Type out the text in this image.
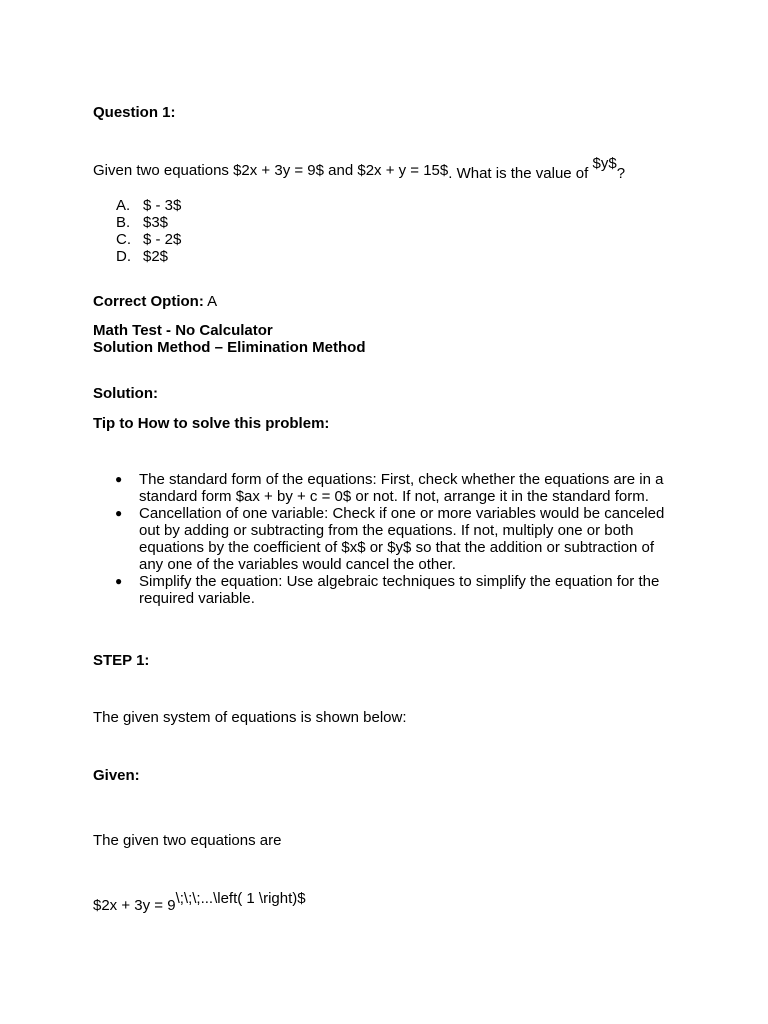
Question 1:
Given two equations $2x + 3y = 9$ and $2x + y = 15$. What is the value of $y$?
A. $ - 3$
B. $3$
C. $ - 2$
D. $2$
Correct Option: A
Math Test - No Calculator
Solution Method – Elimination Method
Solution:
Tip to How to solve this problem:
● The standard form of the equations: First, check whether the equations are in a standard form $ax + by + c = 0$ or not. If not, arrange it in the standard form.
● Cancellation of one variable: Check if one or more variables would be canceled out by adding or subtracting from the equations. If not, multiply one or both equations by the coefficient of $x$ or $y$ so that the addition or subtraction of any one of the variables would cancel the other.
● Simplify the equation: Use algebraic techniques to simplify the equation for the required variable.
STEP 1:
The given system of equations is shown below:
Given:
The given two equations are
$2x + 3y = 9\;\;\;...\left( 1 \right)$
